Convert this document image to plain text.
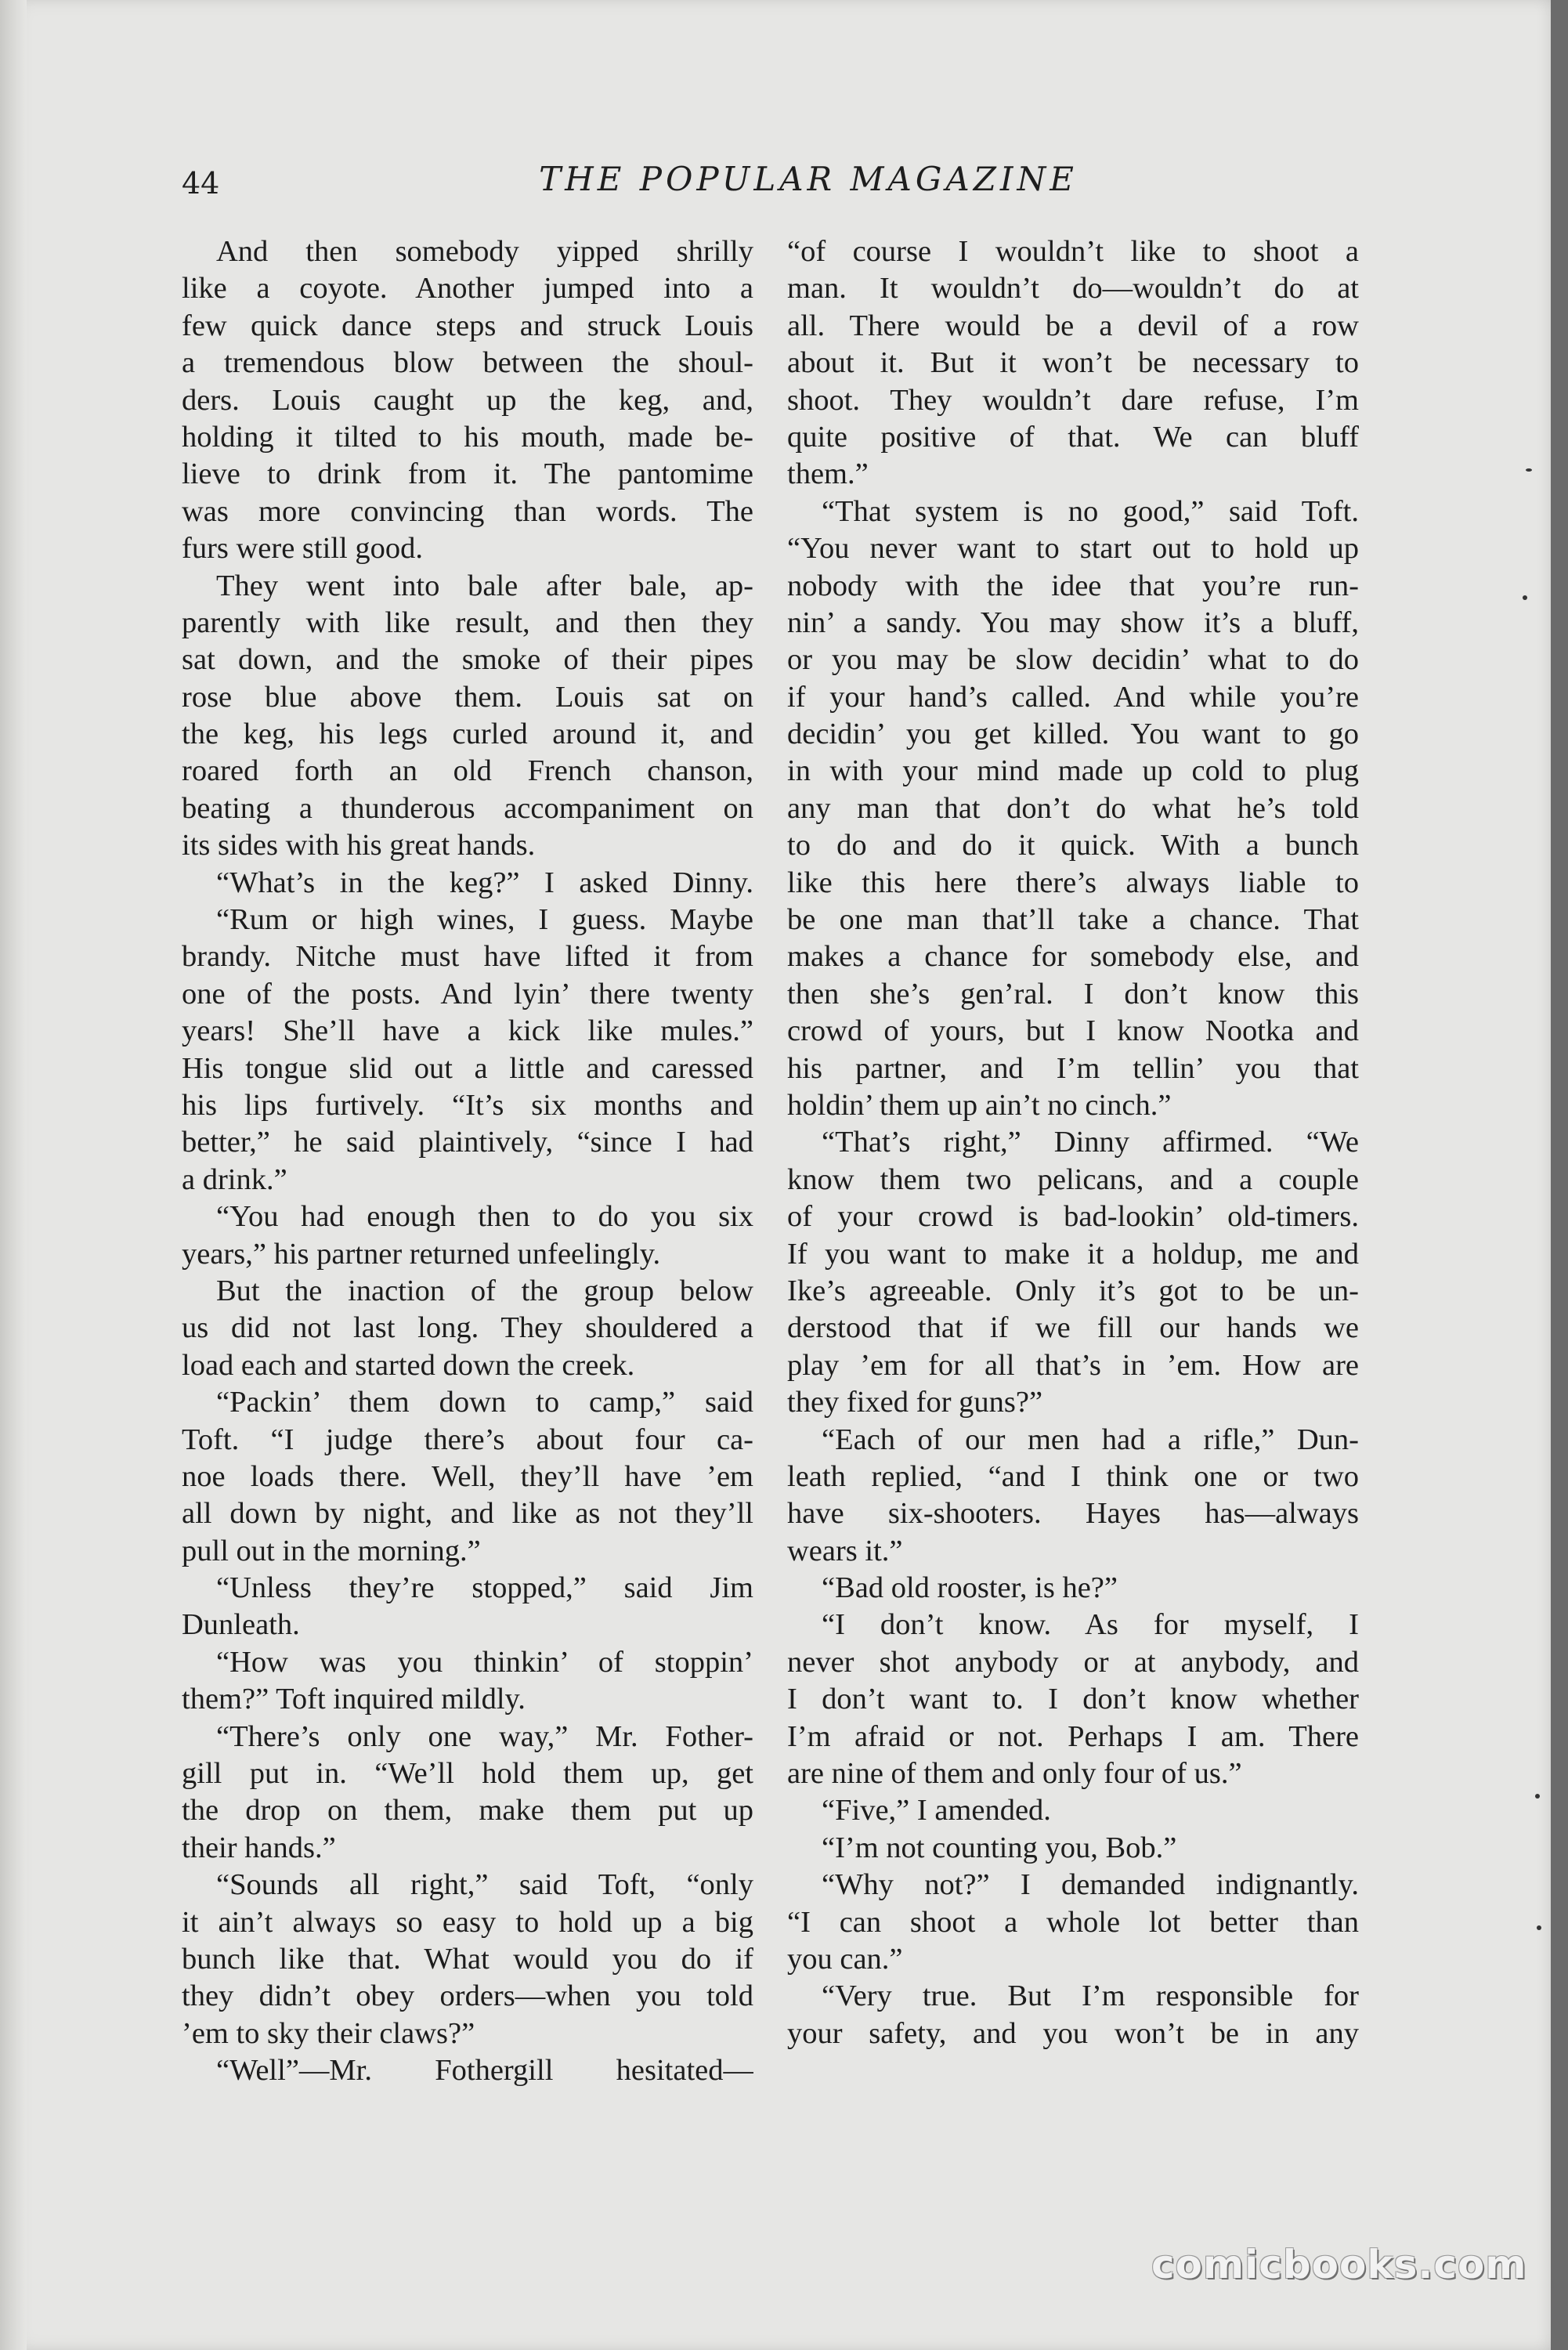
44	THE POPULAR MAGAZINE
And then somebody yipped shrilly
like a coyote. Another jumped into a
few quick dance steps and struck Louis
a tremendous blow between the shoul-
ders. Louis caught up the keg, and,
holding it tilted to his mouth, made be-
lieve to drink from it. The pantomime
was more convincing than words. The
furs were still good.
They went into bale after bale, ap-
parently with like result, and then they
sat down, and the smoke of their pipes
rose blue above them. Louis sat on
the keg, his legs curled around it, and
roared forth an old French chanson,
beating a thunderous accompaniment on
its sides with his great hands.
“What’s in the keg?” I asked Dinny.
“Rum or high wines, I guess. Maybe
brandy. Nitche must have lifted it from
one of the posts. And lyin’ there twenty
years! She’ll have a kick like mules.”
His tongue slid out a little and caressed
his lips furtively. “It’s six months and
better,” he said plaintively, “since I had
a drink.”
“You had enough then to do you six
years,” his partner returned unfeelingly.
But the inaction of the group below
us did not last long. They shouldered a
load each and started down the creek.
“Packin’ them down to camp,” said
Toft. “I judge there’s about four ca-
noe loads there. Well, they’ll have ’em
all down by night, and like as not they’ll
pull out in the morning.”
“Unless they’re stopped,” said Jim
Dunleath.
“How was you thinkin’ of stoppin’
them?” Toft inquired mildly.
“There’s only one way,” Mr. Fother-
gill put in. “We’ll hold them up, get
the drop on them, make them put up
their hands.”
“Sounds all right,” said Toft, “only
it ain’t always so easy to hold up a big
bunch like that. What would you do if
they didn’t obey orders—when you told
’em to sky their claws?”
“Well”—Mr. Fothergill hesitated—
“of course I wouldn’t like to shoot a
man. It wouldn’t do—wouldn’t do at
all. There would be a devil of a row
about it. But it won’t be necessary to
shoot. They wouldn’t dare refuse, I’m
quite positive of that. We can bluff
them.”
“That system is no good,” said Toft.
“You never want to start out to hold up
nobody with the idee that you’re run-
nin’ a sandy. You may show it’s a bluff,
or you may be slow decidin’ what to do
if your hand’s called. And while you’re
decidin’ you get killed. You want to go
in with your mind made up cold to plug
any man that don’t do what he’s told
to do and do it quick. With a bunch
like this here there’s always liable to
be one man that’ll take a chance. That
makes a chance for somebody else, and
then she’s gen’ral. I don’t know this
crowd of yours, but I know Nootka and
his partner, and I’m tellin’ you that
holdin’ them up ain’t no cinch.”
“That’s right,” Dinny affirmed. “We
know them two pelicans, and a couple
of your crowd is bad-lookin’ old-timers.
If you want to make it a holdup, me and
Ike’s agreeable. Only it’s got to be un-
derstood that if we fill our hands we
play ’em for all that’s in ’em. How are
they fixed for guns?”
“Each of our men had a rifle,” Dun-
leath replied, “and I think one or two
have six-shooters. Hayes has—always
wears it.”
“Bad old rooster, is he?”
“I don’t know. As for myself, I
never shot anybody or at anybody, and
I don’t want to. I don’t know whether
I’m afraid or not. Perhaps I am. There
are nine of them and only four of us.”
“Five,” I amended.
“I’m not counting you, Bob.”
“Why not?” I demanded indignantly.
“I can shoot a whole lot better than
you can.”
“Very true. But I’m responsible for
your safety, and you won’t be in any
comicbooks.com
